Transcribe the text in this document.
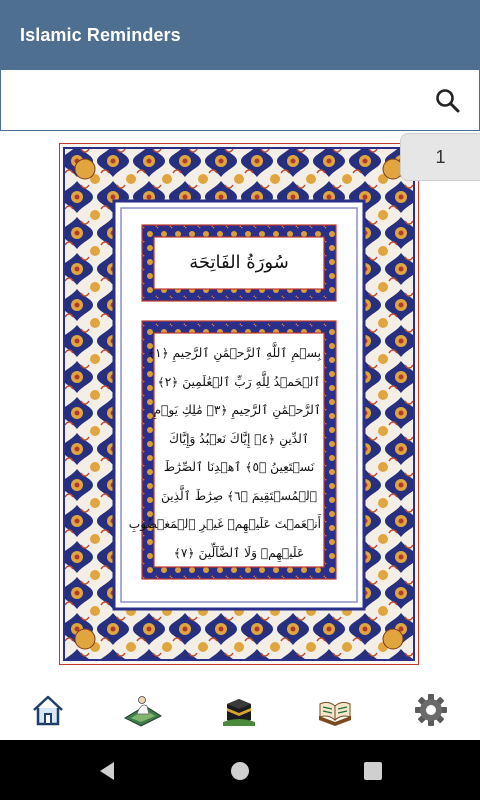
Islamic Reminders
سُورَةُ الفَاتِحَة
بِسۡمِ ٱللَّهِ ٱلرَّحۡمَٰنِ ٱلرَّحِيمِ ﴿١﴾
ٱلۡحَمۡدُ لِلَّهِ رَبِّ ٱلۡعَٰلَمِينَ ﴿٢﴾
ٱلرَّحۡمَٰنِ ٱلرَّحِيمِ ﴿٣﴾ مَٰلِكِ يَوۡمِ
ٱلدِّينِ ﴿٤﴾ إِيَّاكَ نَعۡبُدُ وَإِيَّاكَ
نَسۡتَعِينُ ﴿٥﴾ ٱهۡدِنَا ٱلصِّرَٰطَ
ٱلۡمُسۡتَقِيمَ ﴿٦﴾ صِرَٰطَ ٱلَّذِينَ
أَنۡعَمۡتَ عَلَيۡهِمۡ غَيۡرِ ٱلۡمَغۡضُوبِ
عَلَيۡهِمۡ وَلَا ٱلضَّآلِّينَ ﴿٧﴾
1
